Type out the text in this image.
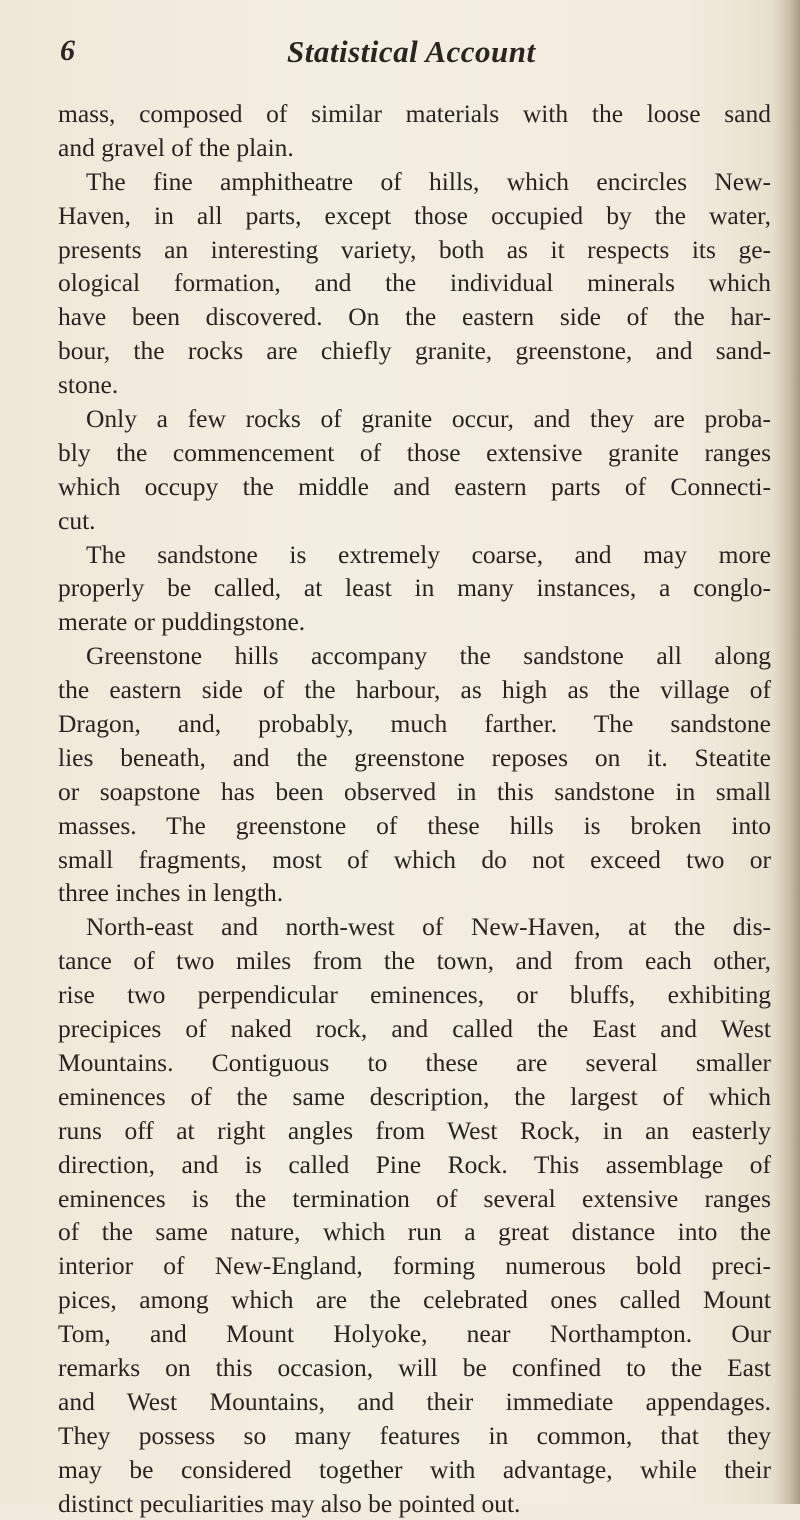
6	Statistical Account
mass, composed of similar materials with the loose sand
and gravel of the plain.
The fine amphitheatre of hills, which encircles New-
Haven, in all parts, except those occupied by the water,
presents an interesting variety, both as it respects its ge-
ological formation, and the individual minerals which
have been discovered. On the eastern side of the har-
bour, the rocks are chiefly granite, greenstone, and sand-
stone.
Only a few rocks of granite occur, and they are proba-
bly the commencement of those extensive granite ranges
which occupy the middle and eastern parts of Connecti-
cut.
The sandstone is extremely coarse, and may more
properly be called, at least in many instances, a conglo-
merate or puddingstone.
Greenstone hills accompany the sandstone all along
the eastern side of the harbour, as high as the village of
Dragon, and, probably, much farther. The sandstone
lies beneath, and the greenstone reposes on it. Steatite
or soapstone has been observed in this sandstone in small
masses. The greenstone of these hills is broken into
small fragments, most of which do not exceed two or
three inches in length.
North-east and north-west of New-Haven, at the dis-
tance of two miles from the town, and from each other,
rise two perpendicular eminences, or bluffs, exhibiting
precipices of naked rock, and called the East and West
Mountains. Contiguous to these are several smaller
eminences of the same description, the largest of which
runs off at right angles from West Rock, in an easterly
direction, and is called Pine Rock. This assemblage of
eminences is the termination of several extensive ranges
of the same nature, which run a great distance into the
interior of New-England, forming numerous bold preci-
pices, among which are the celebrated ones called Mount
Tom, and Mount Holyoke, near Northampton. Our
remarks on this occasion, will be confined to the East
and West Mountains, and their immediate appendages.
They possess so many features in common, that they
may be considered together with advantage, while their
distinct peculiarities may also be pointed out.
